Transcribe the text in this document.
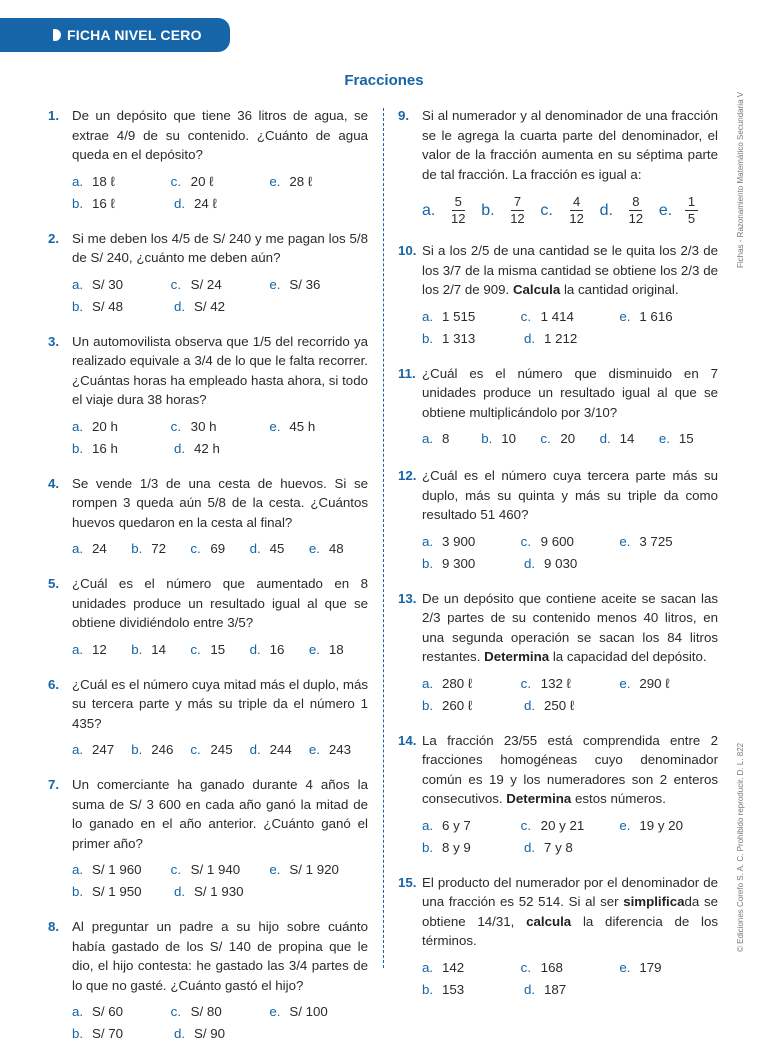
FICHA NIVEL CERO
Fracciones
Fichas - Razonamiento Matemático Secundaria V
© Ediciones Corefo S. A. C. Prohibido reproducir. D. L. 822
1. De un depósito que tiene 36 litros de agua, se extrae 4/9 de su contenido. ¿Cuánto de agua queda en el depósito?
a. 18 ℓ	c. 20 ℓ	e. 28 ℓ
b. 16 ℓ	d. 24 ℓ
2. Si me deben los 4/5 de S/ 240 y me pagan los 5/8 de S/ 240, ¿cuánto me deben aún?
a. S/ 30	c. S/ 24	e. S/ 36
b. S/ 48	d. S/ 42
3. Un automovilista observa que 1/5 del recorrido ya realizado equivale a 3/4 de lo que le falta recorrer. ¿Cuántas horas ha empleado hasta ahora, si todo el viaje dura 38 horas?
a. 20 h	c. 30 h	e. 45 h
b. 16 h	d. 42 h
4. Se vende 1/3 de una cesta de huevos. Si se rompen 3 queda aún 5/8 de la cesta. ¿Cuántos huevos quedaron en la cesta al final?
a. 24 b. 72 c. 69 d. 45 e. 48
5. ¿Cuál es el número que aumentado en 8 unidades produce un resultado igual al que se obtiene dividiéndolo entre 3/5?
a. 12 b. 14 c. 15 d. 16 e. 18
6. ¿Cuál es el número cuya mitad más el duplo, más su tercera parte y más su triple da el número 1 435?
a. 247 b. 246 c. 245 d. 244 e. 243
7. Un comerciante ha ganado durante 4 años la suma de S/ 3 600 en cada año ganó la mitad de lo ganado en el año anterior. ¿Cuánto ganó el primer año?
a. S/ 1 960 c. S/ 1 940 e. S/ 1 920
b. S/ 1 950 d. S/ 1 930
8. Al preguntar un padre a su hijo sobre cuánto había gastado de los S/ 140 de propina que le dio, el hijo contesta: he gastado las 3/4 partes de lo que no gasté. ¿Cuánto gastó el hijo?
a. S/ 60	c. S/ 80	e. S/ 100
b. S/ 70	d. S/ 90
9. Si al numerador y al denominador de una fracción se le agrega la cuarta parte del denominador, el valor de la fracción aumenta en su séptima parte de tal fracción. La fracción es igual a:
a. $\frac{5}{12} b$. $\frac{7}{12} c$.	$\frac{4}{12} d$. $\frac{8}{12} e$. $\frac{1}{5}$
10. Si a los 2/5 de una cantidad se le quita los 2/3 de los 3/7 de la misma cantidad se obtiene los 2/3 de los 2/7 de 909. Calcula la cantidad original.
a. 1 515	c. 1 414	e. 1 616
b. 1 313	d. 1 212
11. ¿Cuál es el número que disminuido en 7 unidades produce un resultado igual al que se obtiene multiplicándolo por 3/10?
a. 8 b. 10 c. 20 d. 14 e. 15
12. ¿Cuál es el número cuya tercera parte más su duplo, más su quinta y más su triple da como resultado 51 460?
a. 3 900	c. 9 600	e. 3 725
b. 9 300	d. 9 030
13. De un depósito que contiene aceite se sacan las 2/3 partes de su contenido menos 40 litros, en una segunda operación se sacan los 84 litros restantes. Determina la capacidad del depósito.
a. 280 ℓ	c. 132 ℓ	e. 290 ℓ
b. 260 ℓ	d. 250 ℓ
14. La fracción 23/55 está comprendida entre 2 fracciones homogéneas cuyo denominador común es 19 y los numeradores son 2 enteros consecutivos. Determina estos números.
a. 6 y 7	c. 20 y 21	e. 19 y 20
b. 8 y 9	d. 7 y 8
15. El producto del numerador por el denominador de una fracción es 52 514. Si al ser simplificada se obtiene 14/31, calcula la diferencia de los términos.
a. 142	c. 168	e. 179
b. 153	d. 187
